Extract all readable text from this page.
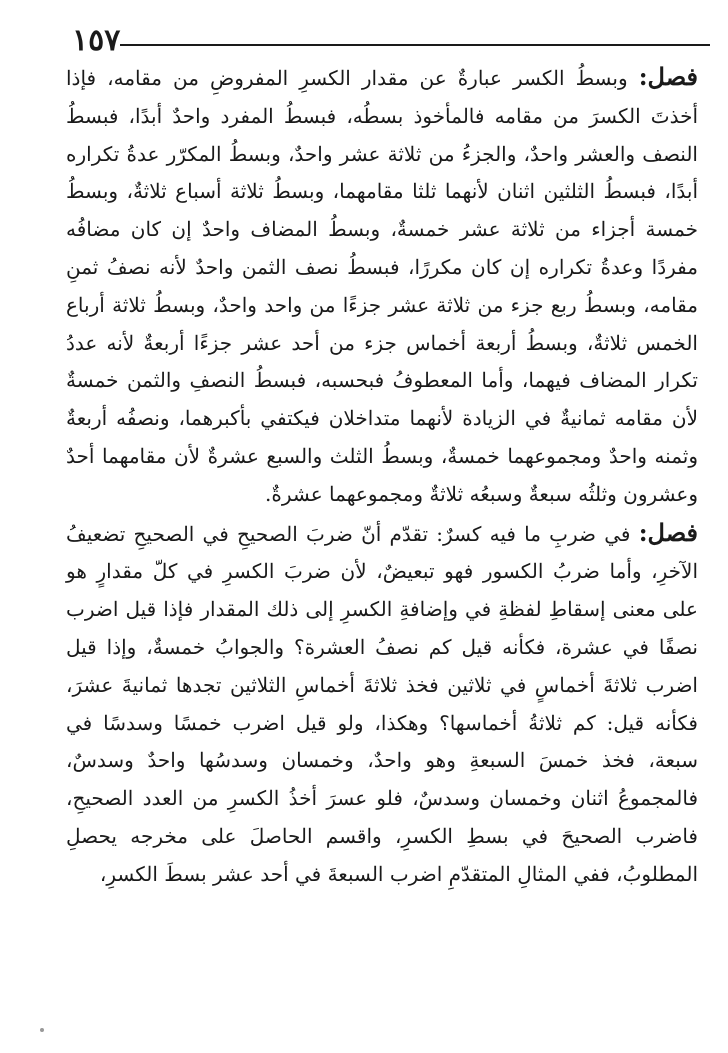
١٥٧

فصل: وبسطُ الكسر عبارةٌ عن مقدار الكسرِ المفروضِ من مقامه، فإذا أخذتَ الكسرَ من مقامه فالمأخوذ بسطُه، فبسطُ المفرد واحدٌ أبدًا، فبسطُ النصف والعشر واحدٌ، والجزءُ من ثلاثة عشر واحدٌ، وبسطُ المكرّر عدةُ تكراره أبدًا، فبسطُ الثلثين اثنان لأنهما ثلثا مقامهما، وبسطُ ثلاثة أسباع ثلاثةٌ، وبسطُ خمسة أجزاء من ثلاثة عشر خمسةٌ، وبسطُ المضاف واحدٌ إن كان مضافُه مفردًا وعدةُ تكراره إن كان مكررًا، فبسطُ نصف الثمن واحدٌ لأنه نصفُ ثمنِ مقامه، وبسطُ ربع جزء من ثلاثة عشر جزءًا من واحد واحدٌ، وبسطُ ثلاثة أرباع الخمس ثلاثةٌ، وبسطُ أربعة أخماس جزء من أحد عشر جزءًا أربعةٌ لأنه عددُ تكرار المضاف فيهما، وأما المعطوفُ فبحسبه، فبسطُ النصفِ والثمن خمسةٌ لأن مقامه ثمانيةٌ في الزيادة لأنهما متداخلان فيكتفي بأكبرهما، ونصفُه أربعةٌ وثمنه واحدٌ ومجموعهما خمسةٌ، وبسطُ الثلث والسبع عشرةٌ لأن مقامهما أحدٌ وعشرون وثلثُه سبعةٌ وسبعُه ثلاثةٌ ومجموعهما عشرةٌ.

فصل: في ضربِ ما فيه كسرٌ: تقدّم أنّ ضربَ الصحيحِ في الصحيحِ تضعيفُ الآخرِ، وأما ضربُ الكسور فهو تبعيضٌ، لأن ضربَ الكسرِ في كلّ مقدارٍ هو على معنى إسقاطِ لفظةِ في وإضافةِ الكسرِ إلى ذلك المقدار فإذا قيل اضرب نصفًا في عشرة، فكأنه قيل كم نصفُ العشرة؟ والجوابُ خمسةٌ، وإذا قيل اضرب ثلاثةَ أخماسٍ في ثلاثين فخذ ثلاثةَ أخماسِ الثلاثين تجدها ثمانيةَ عشرَ، فكأنه قيل: كم ثلاثةُ أخماسها؟ وهكذا، ولو قيل اضرب خمسًا وسدسًا في سبعة، فخذ خمسَ السبعةِ وهو واحدٌ، وخمسان وسدسُها واحدٌ وسدسٌ، فالمجموعُ اثنان وخمسان وسدسٌ، فلو عسرَ أخذُ الكسرِ من العدد الصحيحِ، فاضرب الصحيحَ في بسطِ الكسرِ، واقسم الحاصلَ على مخرجه يحصلِ المطلوبُ، ففي المثالِ المتقدّمِ اضرب السبعةَ في أحد عشر بسطَ الكسرِ،
